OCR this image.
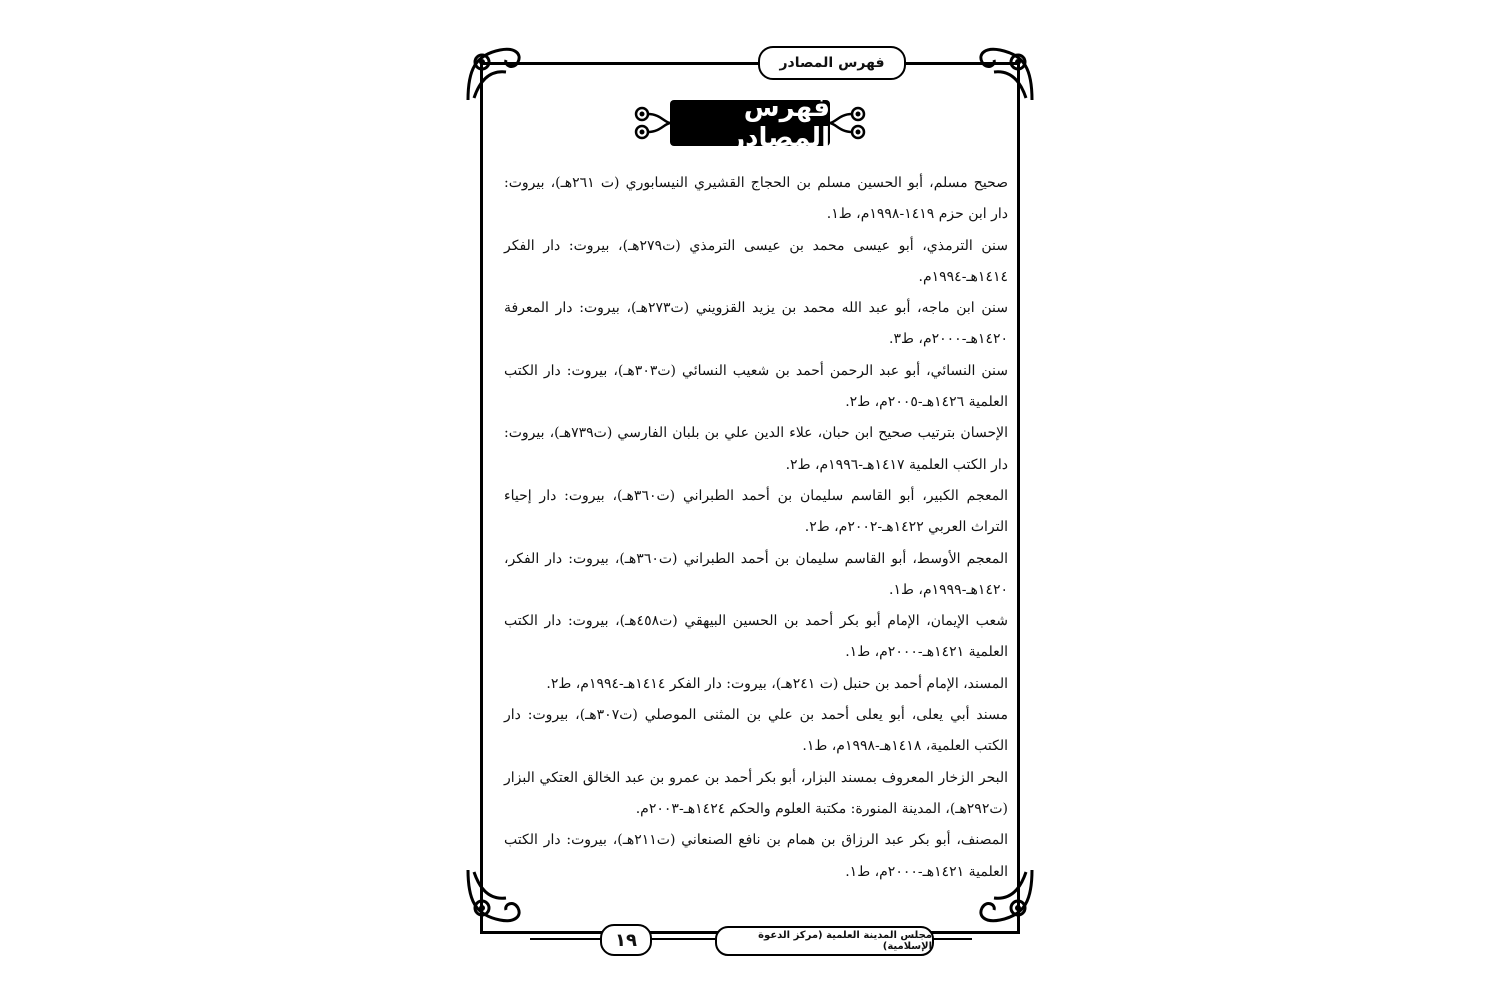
فهرس المصادر
فهرس المصادر

صحيح مسلم، أبو الحسين مسلم بن الحجاج القشيري النيسابوري (ت ٢٦١هـ)، بيروت: دار ابن حزم ١٤١٩-١٩٩٨م، ط١.

سنن الترمذي، أبو عيسى محمد بن عيسى الترمذي (ت٢٧٩هـ)، بيروت: دار الفكر ١٤١٤هـ-١٩٩٤م.

سنن ابن ماجه، أبو عبد الله محمد بن يزيد القزويني (ت٢٧٣هـ)، بيروت: دار المعرفة ١٤٢٠هـ-٢٠٠٠م، ط٣.

سنن النسائي، أبو عبد الرحمن أحمد بن شعيب النسائي (ت٣٠٣هـ)، بيروت: دار الكتب العلمية ١٤٢٦هـ-٢٠٠٥م، ط٢.

الإحسان بترتيب صحيح ابن حبان، علاء الدين علي بن بلبان الفارسي (ت٧٣٩هـ)، بيروت: دار الكتب العلمية ١٤١٧هـ-١٩٩٦م، ط٢.

المعجم الكبير، أبو القاسم سليمان بن أحمد الطبراني (ت٣٦٠هـ)، بيروت: دار إحياء التراث العربي ١٤٢٢هـ-٢٠٠٢م، ط٢.

المعجم الأوسط، أبو القاسم سليمان بن أحمد الطبراني (ت٣٦٠هـ)، بيروت: دار الفكر، ١٤٢٠هـ-١٩٩٩م، ط١.

شعب الإيمان، الإمام أبو بكر أحمد بن الحسين البيهقي (ت٤٥٨هـ)، بيروت: دار الكتب العلمية ١٤٢١هـ-٢٠٠٠م، ط١.

المسند، الإمام أحمد بن حنبل (ت ٢٤١هـ)، بيروت: دار الفكر ١٤١٤هـ-١٩٩٤م، ط٢.

مسند أبي يعلى، أبو يعلى أحمد بن علي بن المثنى الموصلي (ت٣٠٧هـ)، بيروت: دار الكتب العلمية، ١٤١٨هـ-١٩٩٨م، ط١.

البحر الزخار المعروف بمسند البزار، أبو بكر أحمد بن عمرو بن عبد الخالق العتكي البزار (ت٢٩٢هـ)، المدينة المنورة: مكتبة العلوم والحكم ١٤٢٤هـ-٢٠٠٣م.

المصنف، أبو بكر عبد الرزاق بن همام بن نافع الصنعاني (ت٢١١هـ)، بيروت: دار الكتب العلمية ١٤٢١هـ-٢٠٠٠م، ط١.

١٩	مجلس المدينة العلمية (مركز الدعوة الإسلامية)
